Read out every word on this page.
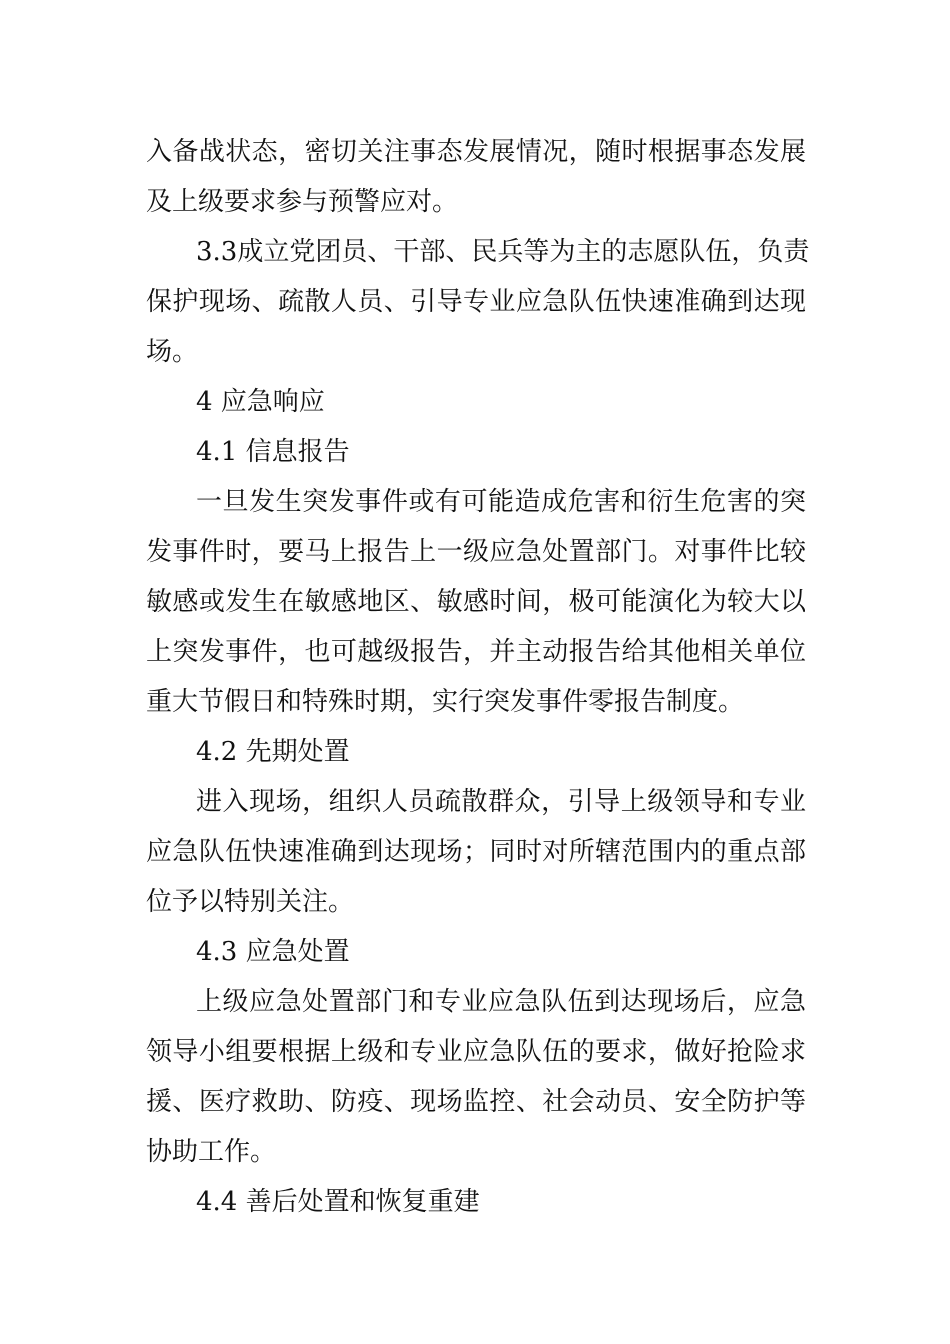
入备战状态，密切关注事态发展情况，随时根据事态发展
及上级要求参与预警应对。
3.3成立党团员、干部、民兵等为主的志愿队伍，负责
保护现场、疏散人员、引导专业应急队伍快速准确到达现
场。
4 应急响应
4.1 信息报告
一旦发生突发事件或有可能造成危害和衍生危害的突
发事件时，要马上报告上一级应急处置部门。对事件比较
敏感或发生在敏感地区、敏感时间，极可能演化为较大以
上突发事件，也可越级报告，并主动报告给其他相关单位
重大节假日和特殊时期，实行突发事件零报告制度。
4.2 先期处置
进入现场，组织人员疏散群众，引导上级领导和专业
应急队伍快速准确到达现场；同时对所辖范围内的重点部
位予以特别关注。
4.3 应急处置
上级应急处置部门和专业应急队伍到达现场后，应急
领导小组要根据上级和专业应急队伍的要求，做好抢险求
援、医疗救助、防疫、现场监控、社会动员、安全防护等
协助工作。
4.4 善后处置和恢复重建
